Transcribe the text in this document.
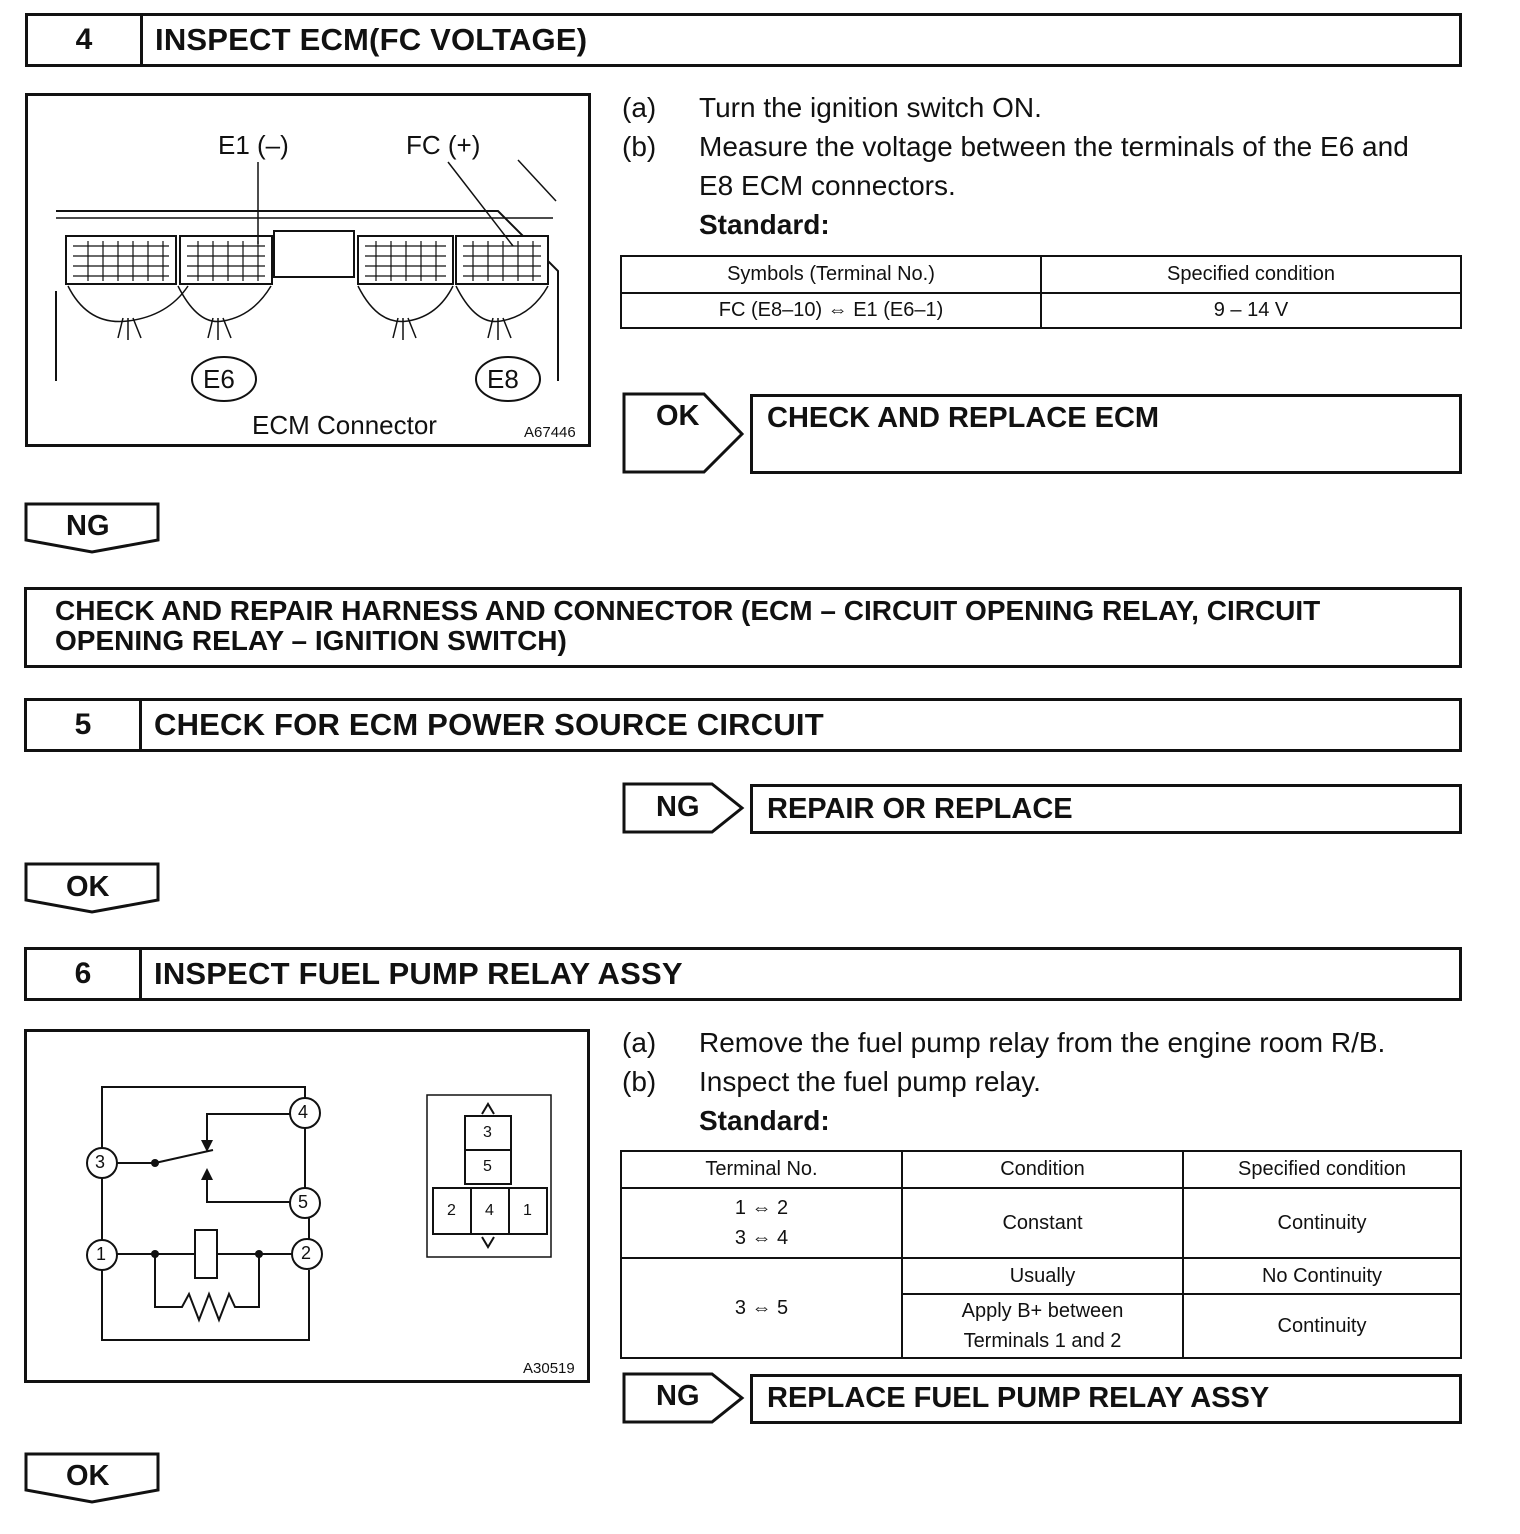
4	INSPECT ECM(FC VOLTAGE)
E1 (–)	FC (+)
E6	E8
ECM Connector	A67446
(a) Turn the ignition switch ON.
(b) Measure the voltage between the terminals of the E6 and
E8 ECM connectors.
Standard:
Symbols (Terminal No.)	Specified condition
FC (E8–10) ⇔ E1 (E6–1)	9 – 14 V
OK	CHECK AND REPLACE ECM
NG
CHECK AND REPAIR HARNESS AND CONNECTOR (ECM – CIRCUIT OPENING RELAY, CIRCUIT
OPENING RELAY – IGNITION SWITCH)
5	CHECK FOR ECM POWER SOURCE CIRCUIT
NG	REPAIR OR REPLACE
OK
6	INSPECT FUEL PUMP RELAY ASSY
3
4
5
1	2
3
5
2 4 1
A30519
(a) Remove the fuel pump relay from the engine room R/B.
(b) Inspect the fuel pump relay.
Standard:
Terminal No.	Condition	Specified condition

1 ⇔ 2
3 ⇔ 4	Constant	Continuity
3 ⇔ 5	Usually	No Continuity

	Apply B+ between
Terminals 1 and 2	Continuity
NG	REPLACE FUEL PUMP RELAY ASSY
OK
